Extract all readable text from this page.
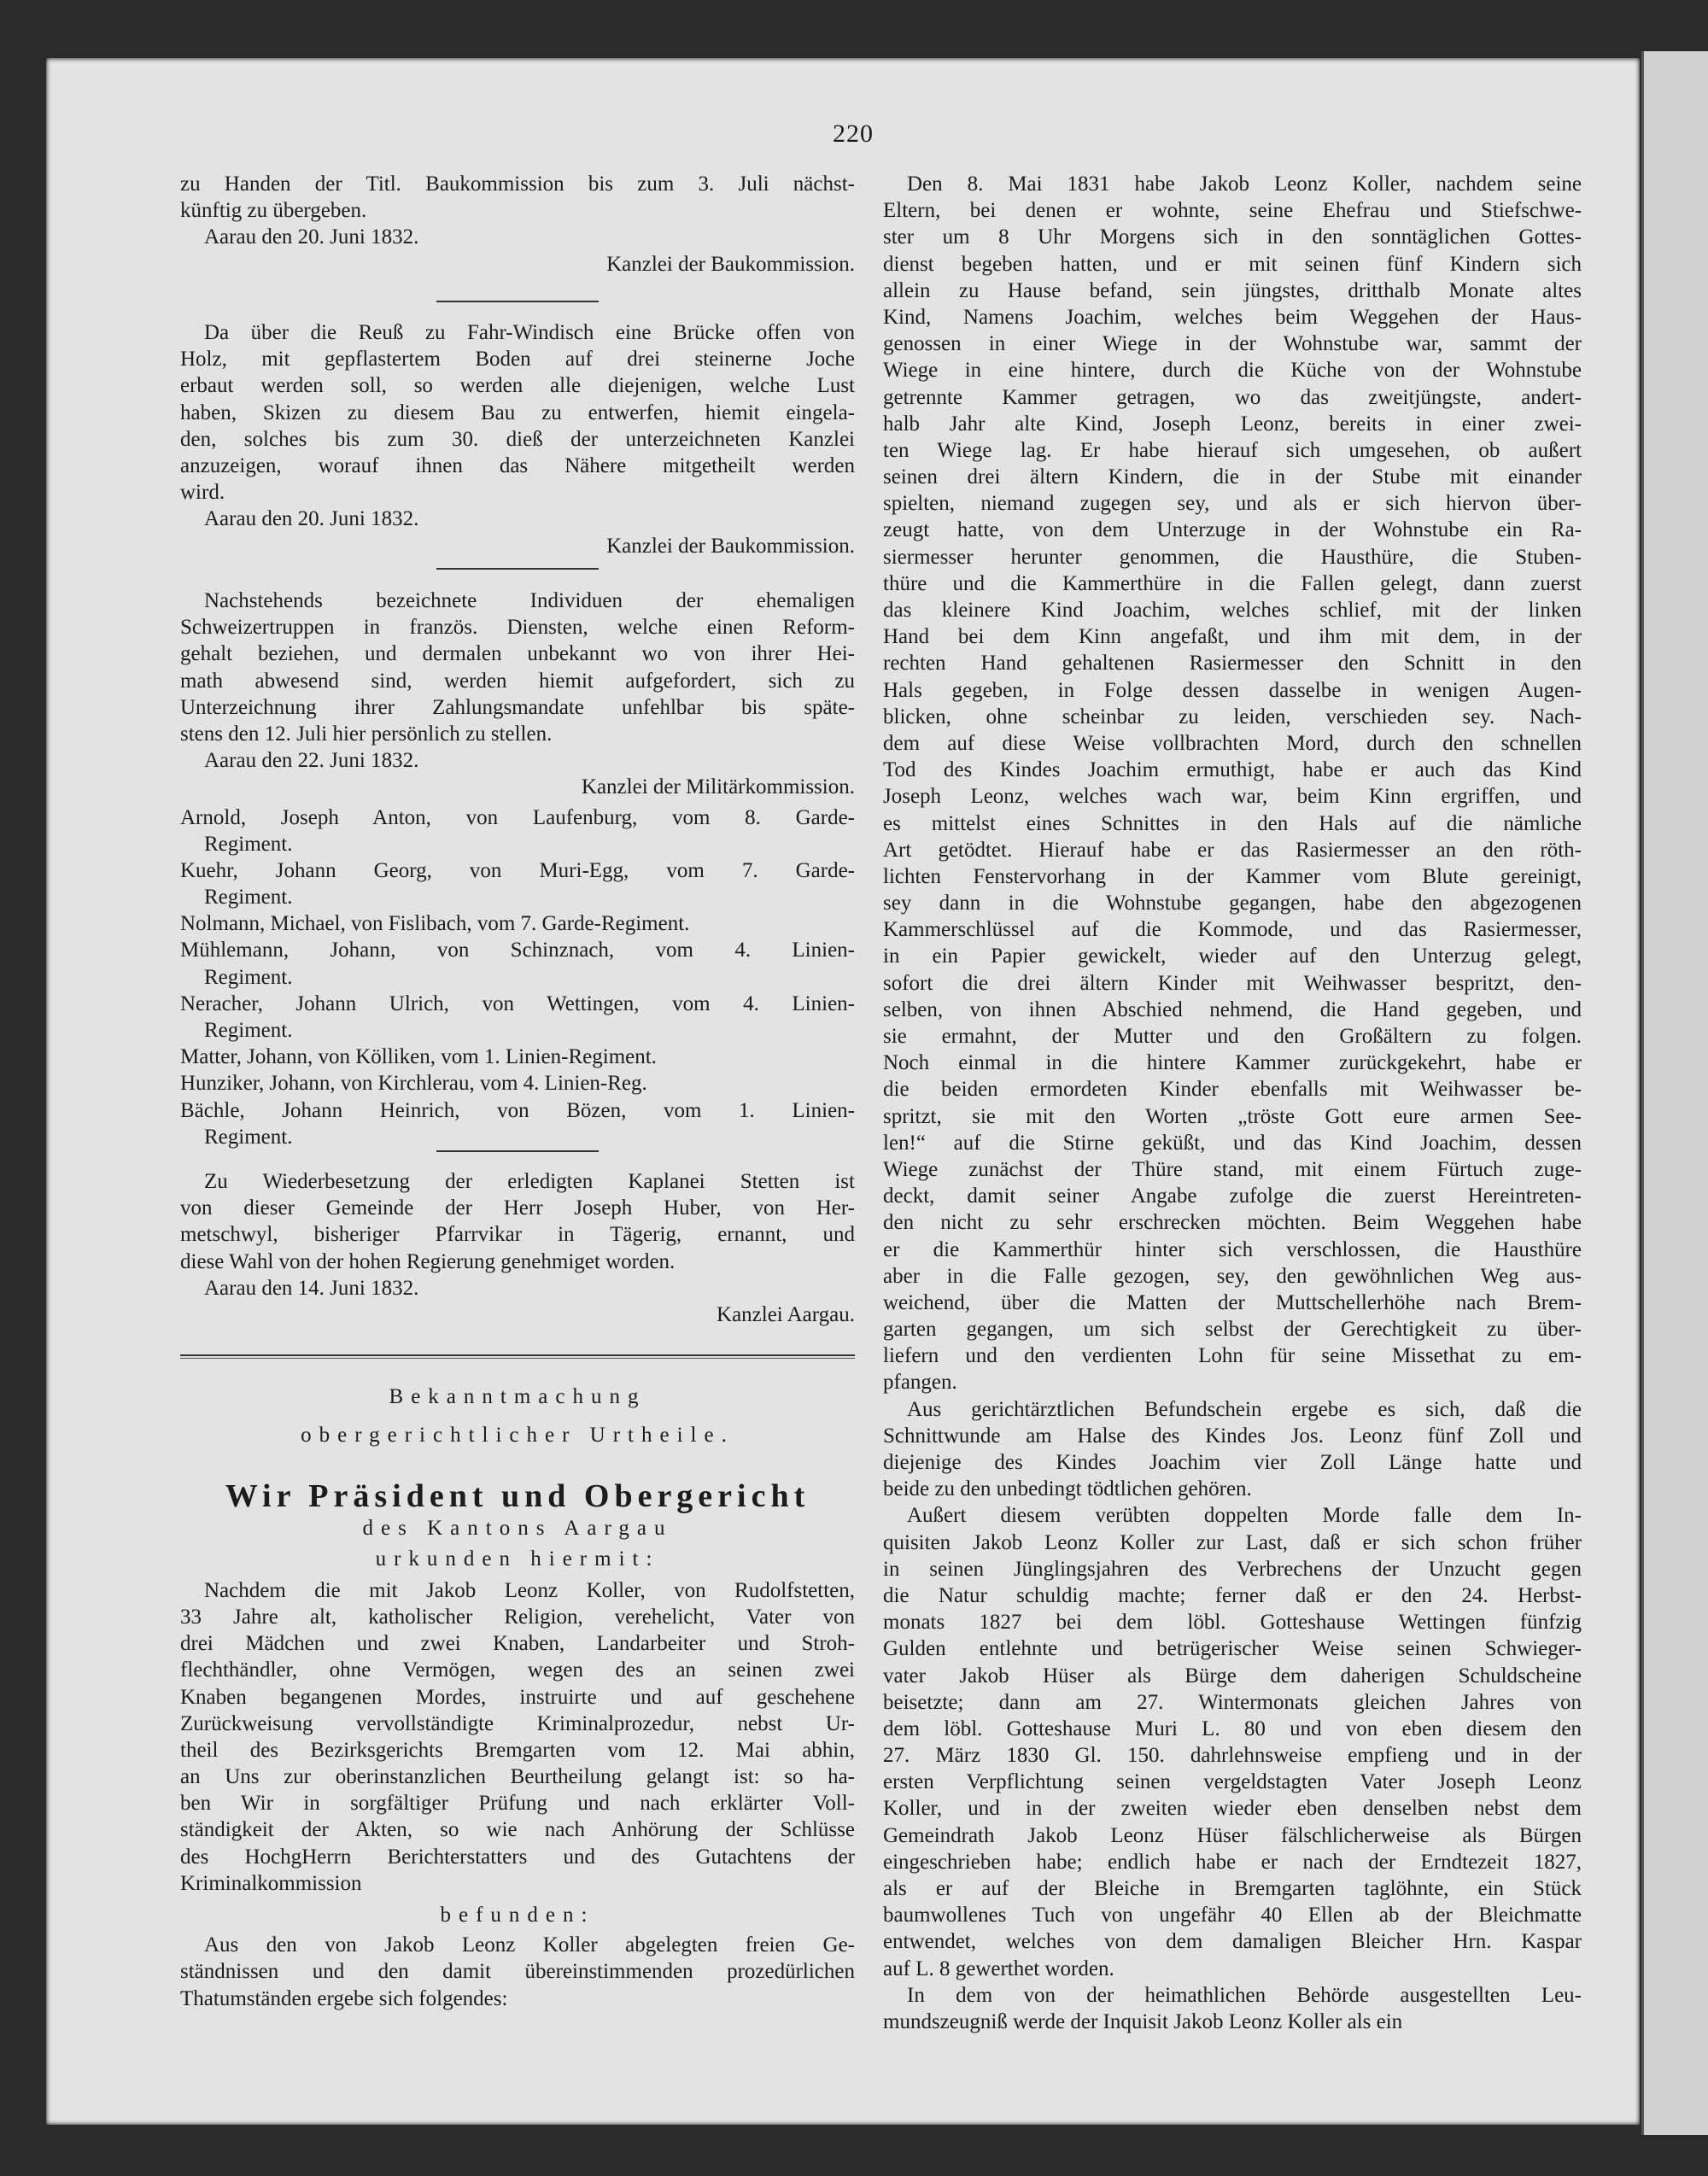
220
zu Handen der Titl. Baukommission bis zum 3. Juli nächst-
künftig zu übergeben.
Aarau den 20. Juni 1832.
Kanzlei der Baukommission.
Da über die Reuß zu Fahr-Windisch eine Brücke offen von
Holz, mit gepflastertem Boden auf drei steinerne Joche
erbaut werden soll, so werden alle diejenigen, welche Lust
haben, Skizen zu diesem Bau zu entwerfen, hiemit eingela-
den, solches bis zum 30. dieß der unterzeichneten Kanzlei
anzuzeigen, worauf ihnen das Nähere mitgetheilt werden
wird.
Aarau den 20. Juni 1832.
Kanzlei der Baukommission.
Nachstehends bezeichnete Individuen der ehemaligen
Schweizertruppen in französ. Diensten, welche einen Reform-
gehalt beziehen, und dermalen unbekannt wo von ihrer Hei-
math abwesend sind, werden hiemit aufgefordert, sich zu
Unterzeichnung ihrer Zahlungsmandate unfehlbar bis späte-
stens den 12. Juli hier persönlich zu stellen.
Aarau den 22. Juni 1832.
Kanzlei der Militärkommission.
Arnold, Joseph Anton, von Laufenburg, vom 8. Garde-
Regiment.
Kuehr, Johann Georg, von Muri-Egg, vom 7. Garde-
Regiment.
Nolmann, Michael, von Fislibach, vom 7. Garde-Regiment.
Mühlemann, Johann, von Schinznach, vom 4. Linien-
Regiment.
Neracher, Johann Ulrich, von Wettingen, vom 4. Linien-
Regiment.
Matter, Johann, von Kölliken, vom 1. Linien-Regiment.
Hunziker, Johann, von Kirchlerau, vom 4. Linien-Reg.
Bächle, Johann Heinrich, von Bözen, vom 1. Linien-
Regiment.
Zu Wiederbesetzung der erledigten Kaplanei Stetten ist
von dieser Gemeinde der Herr Joseph Huber, von Her-
metschwyl, bisheriger Pfarrvikar in Tägerig, ernannt, und
diese Wahl von der hohen Regierung genehmiget worden.
Aarau den 14. Juni 1832.
Kanzlei Aargau.
Bekanntmachung
obergerichtlicher Urtheile.
Wir Präsident und Obergericht
des Kantons Aargau
urkunden hiermit:
Nachdem die mit Jakob Leonz Koller, von Rudolfstetten,
33 Jahre alt, katholischer Religion, verehelicht, Vater von
drei Mädchen und zwei Knaben, Landarbeiter und Stroh-
flechthändler, ohne Vermögen, wegen des an seinen zwei
Knaben begangenen Mordes, instruirte und auf geschehene
Zurückweisung vervollständigte Kriminalprozedur, nebst Ur-
theil des Bezirksgerichts Bremgarten vom 12. Mai abhin,
an Uns zur oberinstanzlichen Beurtheilung gelangt ist: so ha-
ben Wir in sorgfältiger Prüfung und nach erklärter Voll-
ständigkeit der Akten, so wie nach Anhörung der Schlüsse
des HochgHerrn Berichterstatters und des Gutachtens der
Kriminalkommission
befunden:
Aus den von Jakob Leonz Koller abgelegten freien Ge-
ständnissen und den damit übereinstimmenden prozedürlichen
Thatumständen ergebe sich folgendes:
Den 8. Mai 1831 habe Jakob Leonz Koller, nachdem seine
Eltern, bei denen er wohnte, seine Ehefrau und Stiefschwe-
ster um 8 Uhr Morgens sich in den sonntäglichen Gottes-
dienst begeben hatten, und er mit seinen fünf Kindern sich
allein zu Hause befand, sein jüngstes, dritthalb Monate altes
Kind, Namens Joachim, welches beim Weggehen der Haus-
genossen in einer Wiege in der Wohnstube war, sammt der
Wiege in eine hintere, durch die Küche von der Wohnstube
getrennte Kammer getragen, wo das zweitjüngste, andert-
halb Jahr alte Kind, Joseph Leonz, bereits in einer zwei-
ten Wiege lag. Er habe hierauf sich umgesehen, ob außert
seinen drei ältern Kindern, die in der Stube mit einander
spielten, niemand zugegen sey, und als er sich hiervon über-
zeugt hatte, von dem Unterzuge in der Wohnstube ein Ra-
siermesser herunter genommen, die Hausthüre, die Stuben-
thüre und die Kammerthüre in die Fallen gelegt, dann zuerst
das kleinere Kind Joachim, welches schlief, mit der linken
Hand bei dem Kinn angefaßt, und ihm mit dem, in der
rechten Hand gehaltenen Rasiermesser den Schnitt in den
Hals gegeben, in Folge dessen dasselbe in wenigen Augen-
blicken, ohne scheinbar zu leiden, verschieden sey. Nach-
dem auf diese Weise vollbrachten Mord, durch den schnellen
Tod des Kindes Joachim ermuthigt, habe er auch das Kind
Joseph Leonz, welches wach war, beim Kinn ergriffen, und
es mittelst eines Schnittes in den Hals auf die nämliche
Art getödtet. Hierauf habe er das Rasiermesser an den röth-
lichten Fenstervorhang in der Kammer vom Blute gereinigt,
sey dann in die Wohnstube gegangen, habe den abgezogenen
Kammerschlüssel auf die Kommode, und das Rasiermesser,
in ein Papier gewickelt, wieder auf den Unterzug gelegt,
sofort die drei ältern Kinder mit Weihwasser bespritzt, den-
selben, von ihnen Abschied nehmend, die Hand gegeben, und
sie ermahnt, der Mutter und den Großältern zu folgen.
Noch einmal in die hintere Kammer zurückgekehrt, habe er
die beiden ermordeten Kinder ebenfalls mit Weihwasser be-
spritzt, sie mit den Worten „tröste Gott eure armen See-
len!“ auf die Stirne geküßt, und das Kind Joachim, dessen
Wiege zunächst der Thüre stand, mit einem Fürtuch zuge-
deckt, damit seiner Angabe zufolge die zuerst Hereintreten-
den nicht zu sehr erschrecken möchten. Beim Weggehen habe
er die Kammerthür hinter sich verschlossen, die Hausthüre
aber in die Falle gezogen, sey, den gewöhnlichen Weg aus-
weichend, über die Matten der Muttschellerhöhe nach Brem-
garten gegangen, um sich selbst der Gerechtigkeit zu über-
liefern und den verdienten Lohn für seine Missethat zu em-
pfangen.
Aus gerichtärztlichen Befundschein ergebe es sich, daß die
Schnittwunde am Halse des Kindes Jos. Leonz fünf Zoll und
diejenige des Kindes Joachim vier Zoll Länge hatte und
beide zu den unbedingt tödtlichen gehören.
Außert diesem verübten doppelten Morde falle dem In-
quisiten Jakob Leonz Koller zur Last, daß er sich schon früher
in seinen Jünglingsjahren des Verbrechens der Unzucht gegen
die Natur schuldig machte; ferner daß er den 24. Herbst-
monats 1827 bei dem löbl. Gotteshause Wettingen fünfzig
Gulden entlehnte und betrügerischer Weise seinen Schwieger-
vater Jakob Hüser als Bürge dem daherigen Schuldscheine
beisetzte; dann am 27. Wintermonats gleichen Jahres von
dem löbl. Gotteshause Muri L. 80 und von eben diesem den
27. März 1830 Gl. 150. dahrlehnsweise empfieng und in der
ersten Verpflichtung seinen vergeldstagten Vater Joseph Leonz
Koller, und in der zweiten wieder eben denselben nebst dem
Gemeindrath Jakob Leonz Hüser fälschlicherweise als Bürgen
eingeschrieben habe; endlich habe er nach der Erndtezeit 1827,
als er auf der Bleiche in Bremgarten taglöhnte, ein Stück
baumwollenes Tuch von ungefähr 40 Ellen ab der Bleichmatte
entwendet, welches von dem damaligen Bleicher Hrn. Kaspar
auf L. 8 gewerthet worden.
In dem von der heimathlichen Behörde ausgestellten Leu-
mundszeugniß werde der Inquisit Jakob Leonz Koller als ein
